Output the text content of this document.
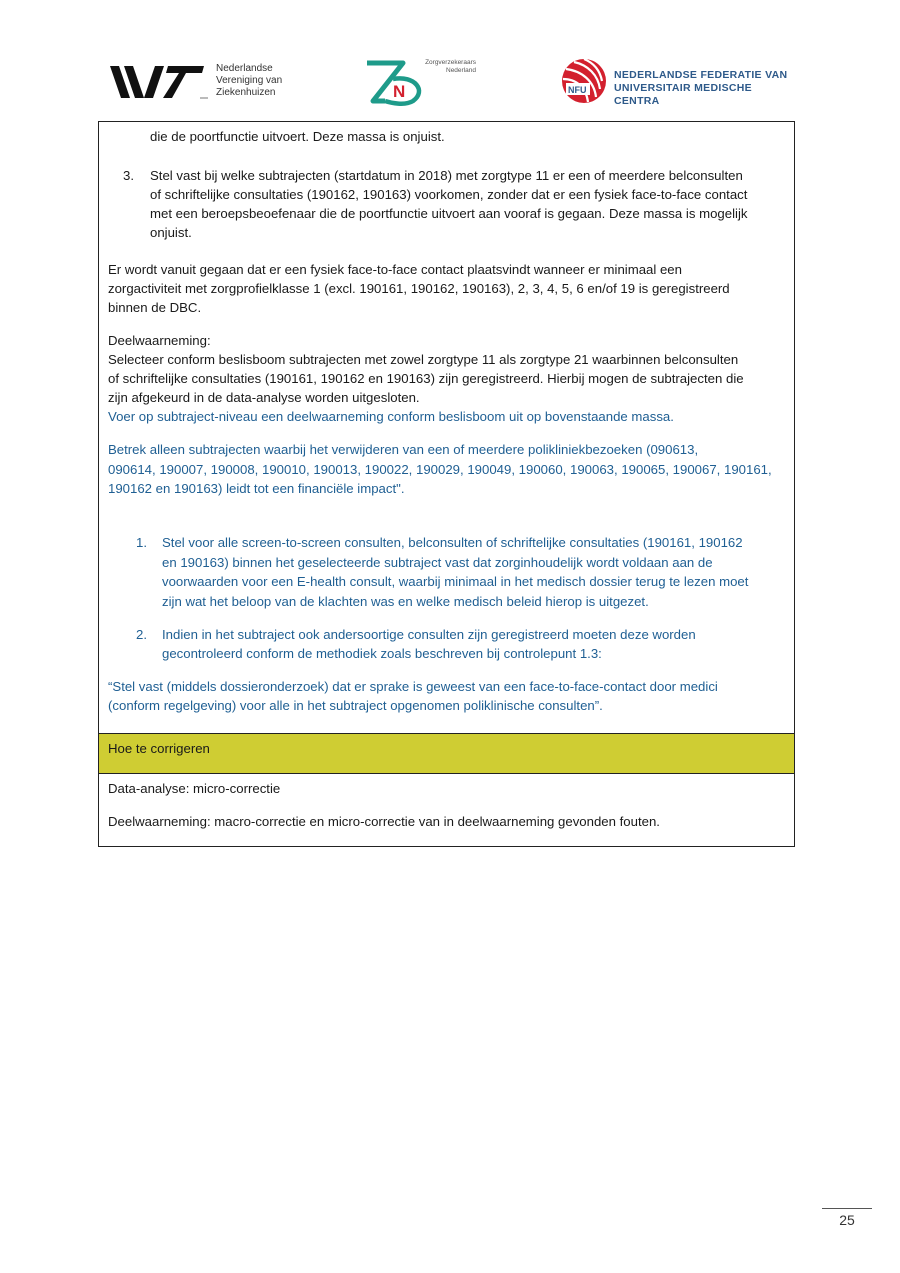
Nederlandse
Vereniging van
Ziekenhuizen	N
Zorgverzekeraars
Nederland
NFU
NEDERLANDSE FEDERATIE VAN
UNIVERSITAIR MEDISCHE CENTRA
die de poortfunctie uitvoert. Deze massa is onjuist.
3. Stel vast bij welke subtrajecten (startdatum in 2018) met zorgtype 11 er een of meerdere belconsulten
of schriftelijke consultaties (190162, 190163) voorkomen, zonder dat er een fysiek face-to-face contact
met een beroepsbeoefenaar die de poortfunctie uitvoert aan vooraf is gegaan. Deze massa is mogelijk
onjuist.
Er wordt vanuit gegaan dat er een fysiek face-to-face contact plaatsvindt wanneer er minimaal een
zorgactiviteit met zorgprofielklasse 1 (excl. 190161, 190162, 190163), 2, 3, 4, 5, 6 en/of 19 is geregistreerd
binnen de DBC.
Deelwaarneming:
Selecteer conform beslisboom subtrajecten met zowel zorgtype 11 als zorgtype 21 waarbinnen belconsulten
of schriftelijke consultaties (190161, 190162 en 190163) zijn geregistreerd. Hierbij mogen de subtrajecten die
zijn afgekeurd in de data-analyse worden uitgesloten.
Voer op subtraject-niveau een deelwaarneming conform beslisboom uit op bovenstaande massa.
Betrek alleen subtrajecten waarbij het verwijderen van een of meerdere polikliniekbezoeken (090613,
090614, 190007, 190008, 190010, 190013, 190022, 190029, 190049, 190060, 190063, 190065, 190067, 190161,
190162 en 190163) leidt tot een financiële impact".
1. Stel voor alle screen-to-screen consulten, belconsulten of schriftelijke consultaties (190161, 190162
en 190163) binnen het geselecteerde subtraject vast dat zorginhoudelijk wordt voldaan aan de
voorwaarden voor een E-health consult, waarbij minimaal in het medisch dossier terug te lezen moet
zijn wat het beloop van de klachten was en welke medisch beleid hierop is uitgezet.
2. Indien in het subtraject ook andersoortige consulten zijn geregistreerd moeten deze worden
gecontroleerd conform de methodiek zoals beschreven bij controlepunt 1.3:
“Stel vast (middels dossieronderzoek) dat er sprake is geweest van een face-to-face-contact door medici
(conform regelgeving) voor alle in het subtraject opgenomen poliklinische consulten”.
Hoe te corrigeren
Data-analyse: micro-correctie
Deelwaarneming: macro-correctie en micro-correctie van in deelwaarneming gevonden fouten.
25
